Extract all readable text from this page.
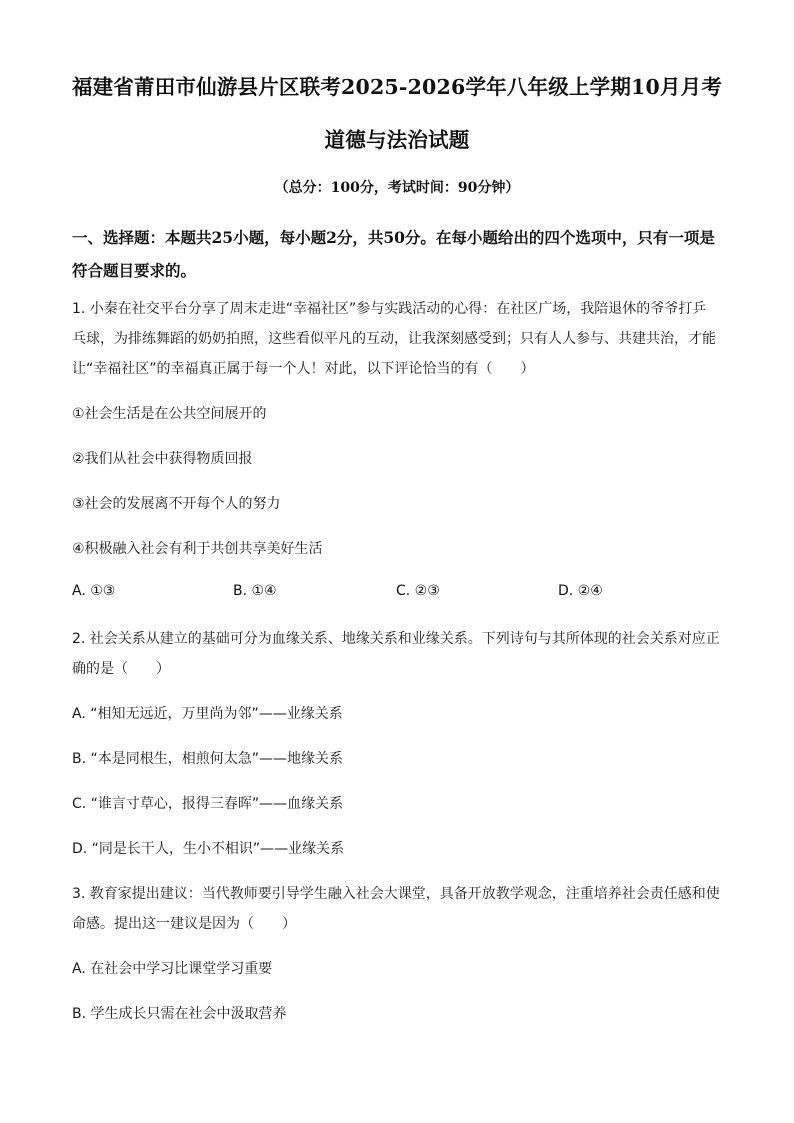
福建省莆田市仙游县片区联考2025-2026学年八年级上学期10月月考
道德与法治试题
（总分：100分，考试时间：90分钟）
一、选择题：本题共25小题，每小题2分，共50分。在每小题给出的四个选项中，只有一项是符合题目要求的。
1. 小秦在社交平台分享了周末走进“幸福社区”参与实践活动的心得：在社区广场，我陪退休的爷爷打乒
乓球，为排练舞蹈的奶奶拍照，这些看似平凡的互动，让我深刻感受到；只有人人参与、共建共治，才能
让“幸福社区”的幸福真正属于每一个人！对此，以下评论恰当的有（　　）
①社会生活是在公共空间展开的
②我们从社会中获得物质回报
③社会的发展离不开每个人的努力
④积极融入社会有利于共创共享美好生活
A. ①③	B. ①④	C. ②③	D. ②④
2. 社会关系从建立的基础可分为血缘关系、地缘关系和业缘关系。下列诗句与其所体现的社会关系对应正
确的是（　　）
A. “相知无远近，万里尚为邻”——业缘关系
B. “本是同根生，相煎何太急”——地缘关系
C. “谁言寸草心，报得三春晖”——血缘关系
D. “同是长干人，生小不相识”——业缘关系
3. 教育家提出建议：当代教师要引导学生融入社会大课堂，具备开放教学观念，注重培养社会责任感和使
命感。提出这一建议是因为（　　）
A. 在社会中学习比课堂学习重要
B. 学生成长只需在社会中汲取营养
